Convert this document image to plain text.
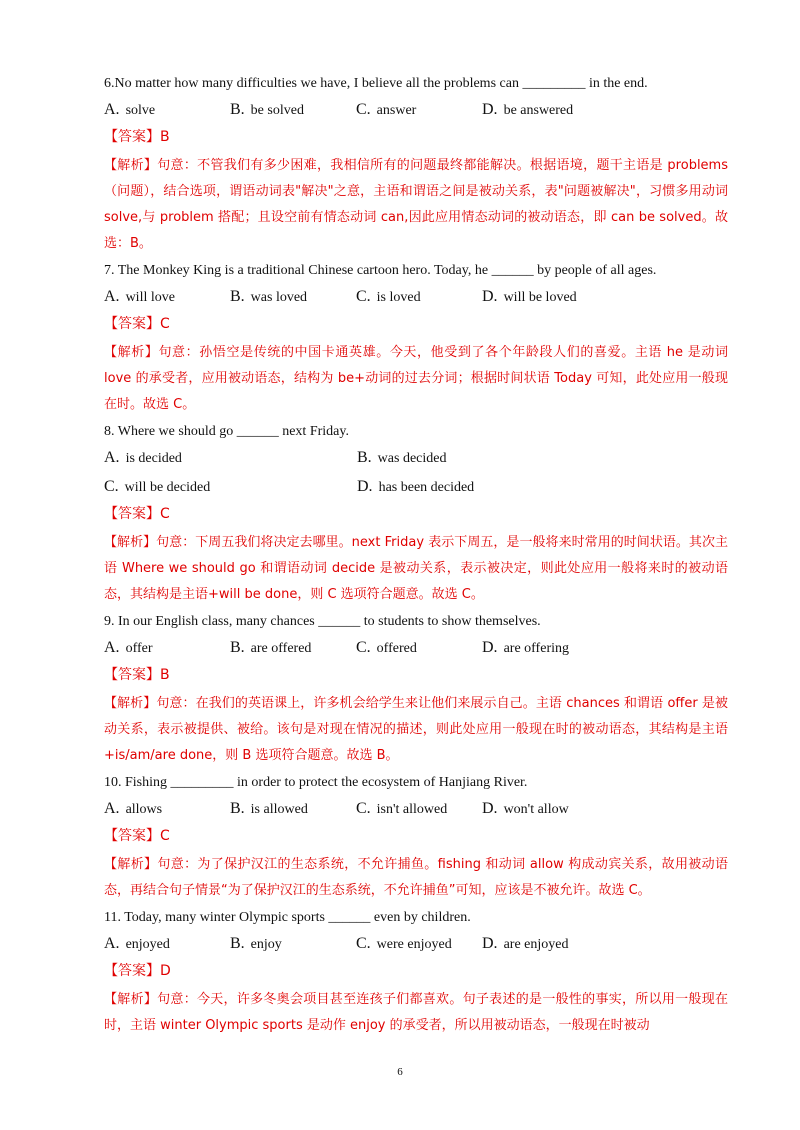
6.No matter how many difficulties we have, I believe all the problems can _________ in the end.

A. solve	B. be solved	C. answer	D. be answered

【答案】B

【解析】句意：不管我们有多少困难，我相信所有的问题最终都能解决。根据语境，题干主语是 problems（问题），结合选项，谓语动词表"解决"之意，主语和谓语之间是被动关系，表"问题被解决"，习惯多用动词 solve,与 problem 搭配；且设空前有情态动词 can,因此应用情态动词的被动语态，即 can be solved。故选：B。

7. The Monkey King is a traditional Chinese cartoon hero. Today, he ______ by people of all ages.

A. will love	B. was loved	C. is loved	D. will be loved

【答案】C

【解析】句意：孙悟空是传统的中国卡通英雄。今天，他受到了各个年龄段人们的喜爱。主语 he 是动词 love 的承受者，应用被动语态，结构为 be+动词的过去分词；根据时间状语 Today 可知，此处应用一般现在时。故选 C。

8. Where we should go ______ next Friday.

A. is decided	B. was decided
C. will be decided	D. has been decided

【答案】C

【解析】句意：下周五我们将决定去哪里。next Friday 表示下周五，是一般将来时常用的时间状语。其次主语 Where we should go 和谓语动词 decide 是被动关系，表示被决定，则此处应用一般将来时的被动语态，其结构是主语+will be done，则 C 选项符合题意。故选 C。

9. In our English class, many chances ______ to students to show themselves.

A. offer	B. are offered	C. offered	D. are offering

【答案】B

【解析】句意：在我们的英语课上，许多机会给学生来让他们来展示自己。主语 chances 和谓语 offer 是被动关系，表示被提供、被给。该句是对现在情况的描述，则此处应用一般现在时的被动语态，其结构是主语+is/am/are done，则 B 选项符合题意。故选 B。

10. Fishing _________ in order to protect the ecosystem of Hanjiang River.

A. allows	B. is allowed	C. isn't allowed	D. won't allow

【答案】C

【解析】句意：为了保护汉江的生态系统，不允许捕鱼。fishing 和动词 allow 构成动宾关系，故用被动语态，再结合句子情景“为了保护汉江的生态系统，不允许捕鱼”可知，应该是不被允许。故选 C。

11. Today, many winter Olympic sports ______ even by children.

A. enjoyed	B. enjoy	C. were enjoyed	D. are enjoyed

【答案】D

【解析】句意：今天，许多冬奥会项目甚至连孩子们都喜欢。句子表述的是一般性的事实，所以用一般现在时，主语 winter Olympic sports 是动作 enjoy 的承受者，所以用被动语态，一般现在时被动

6
